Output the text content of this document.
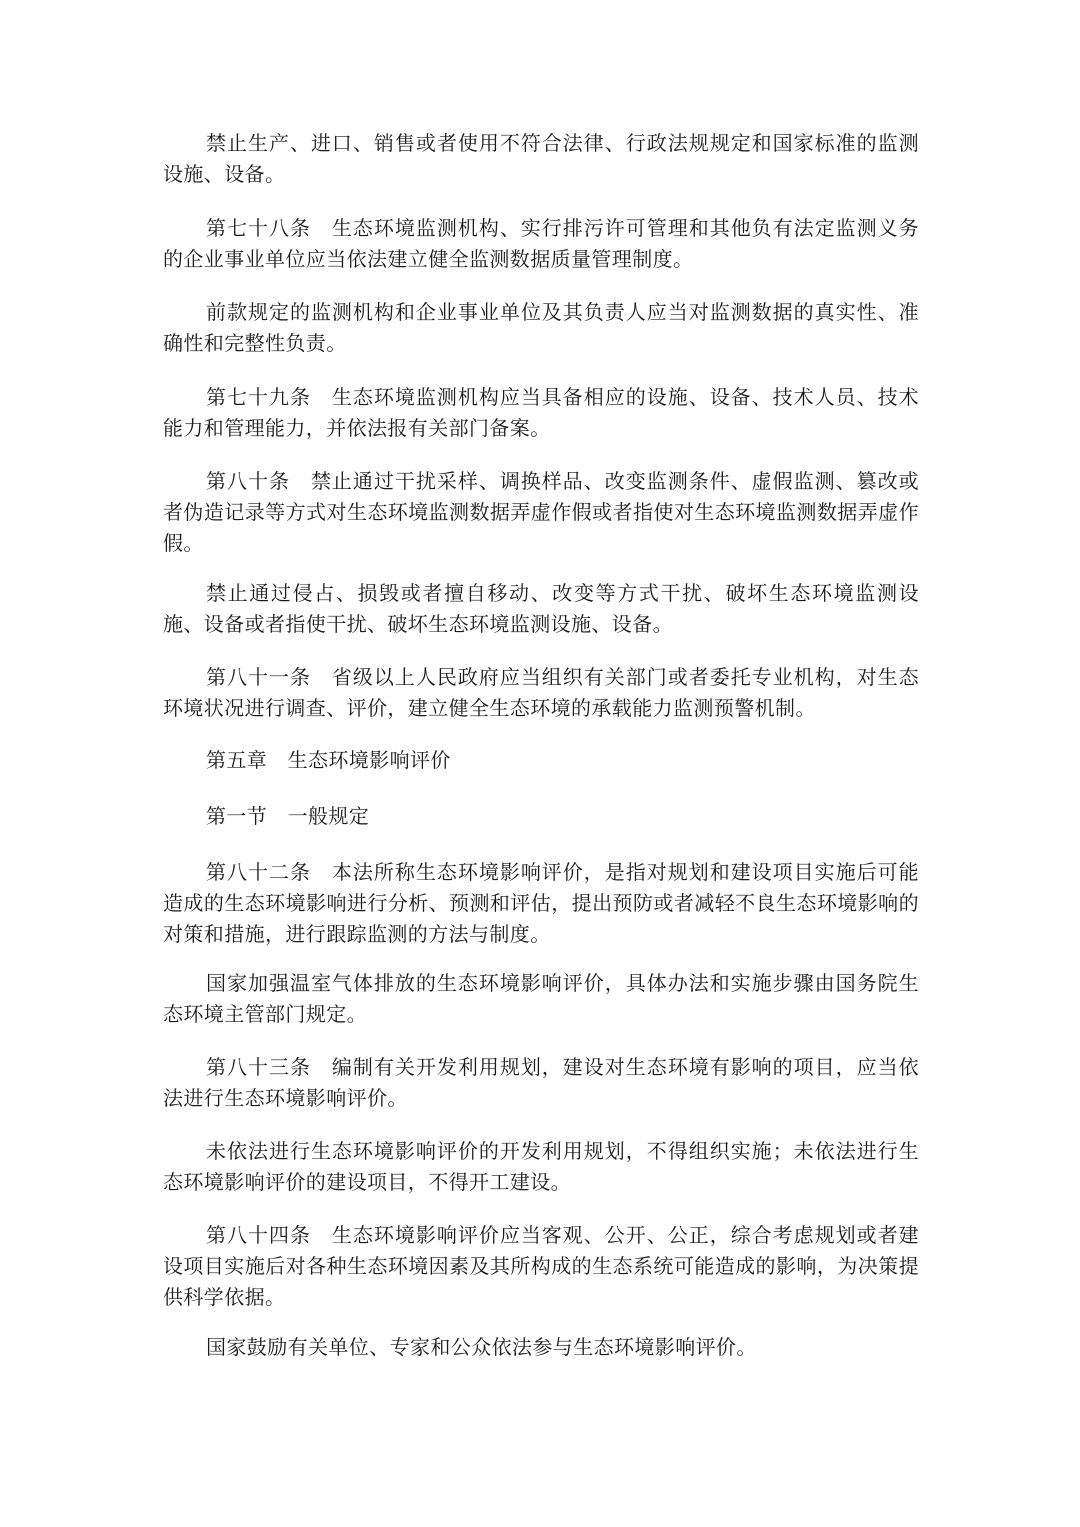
禁止生产、进口、销售或者使用不符合法律、行政法规规定和国家标准的监测设施、设备。

第七十八条　生态环境监测机构、实行排污许可管理和其他负有法定监测义务的企业事业单位应当依法建立健全监测数据质量管理制度。

前款规定的监测机构和企业事业单位及其负责人应当对监测数据的真实性、准确性和完整性负责。

第七十九条　生态环境监测机构应当具备相应的设施、设备、技术人员、技术能力和管理能力，并依法报有关部门备案。

第八十条　禁止通过干扰采样、调换样品、改变监测条件、虚假监测、篡改或者伪造记录等方式对生态环境监测数据弄虚作假或者指使对生态环境监测数据弄虚作假。

禁止通过侵占、损毁或者擅自移动、改变等方式干扰、破坏生态环境监测设施、设备或者指使干扰、破坏生态环境监测设施、设备。

第八十一条　省级以上人民政府应当组织有关部门或者委托专业机构，对生态环境状况进行调查、评价，建立健全生态环境的承载能力监测预警机制。

第五章　生态环境影响评价

第一节　一般规定

第八十二条　本法所称生态环境影响评价，是指对规划和建设项目实施后可能造成的生态环境影响进行分析、预测和评估，提出预防或者减轻不良生态环境影响的对策和措施，进行跟踪监测的方法与制度。

国家加强温室气体排放的生态环境影响评价，具体办法和实施步骤由国务院生态环境主管部门规定。

第八十三条　编制有关开发利用规划，建设对生态环境有影响的项目，应当依法进行生态环境影响评价。

未依法进行生态环境影响评价的开发利用规划，不得组织实施；未依法进行生态环境影响评价的建设项目，不得开工建设。

第八十四条　生态环境影响评价应当客观、公开、公正，综合考虑规划或者建设项目实施后对各种生态环境因素及其所构成的生态系统可能造成的影响，为决策提供科学依据。

国家鼓励有关单位、专家和公众依法参与生态环境影响评价。
